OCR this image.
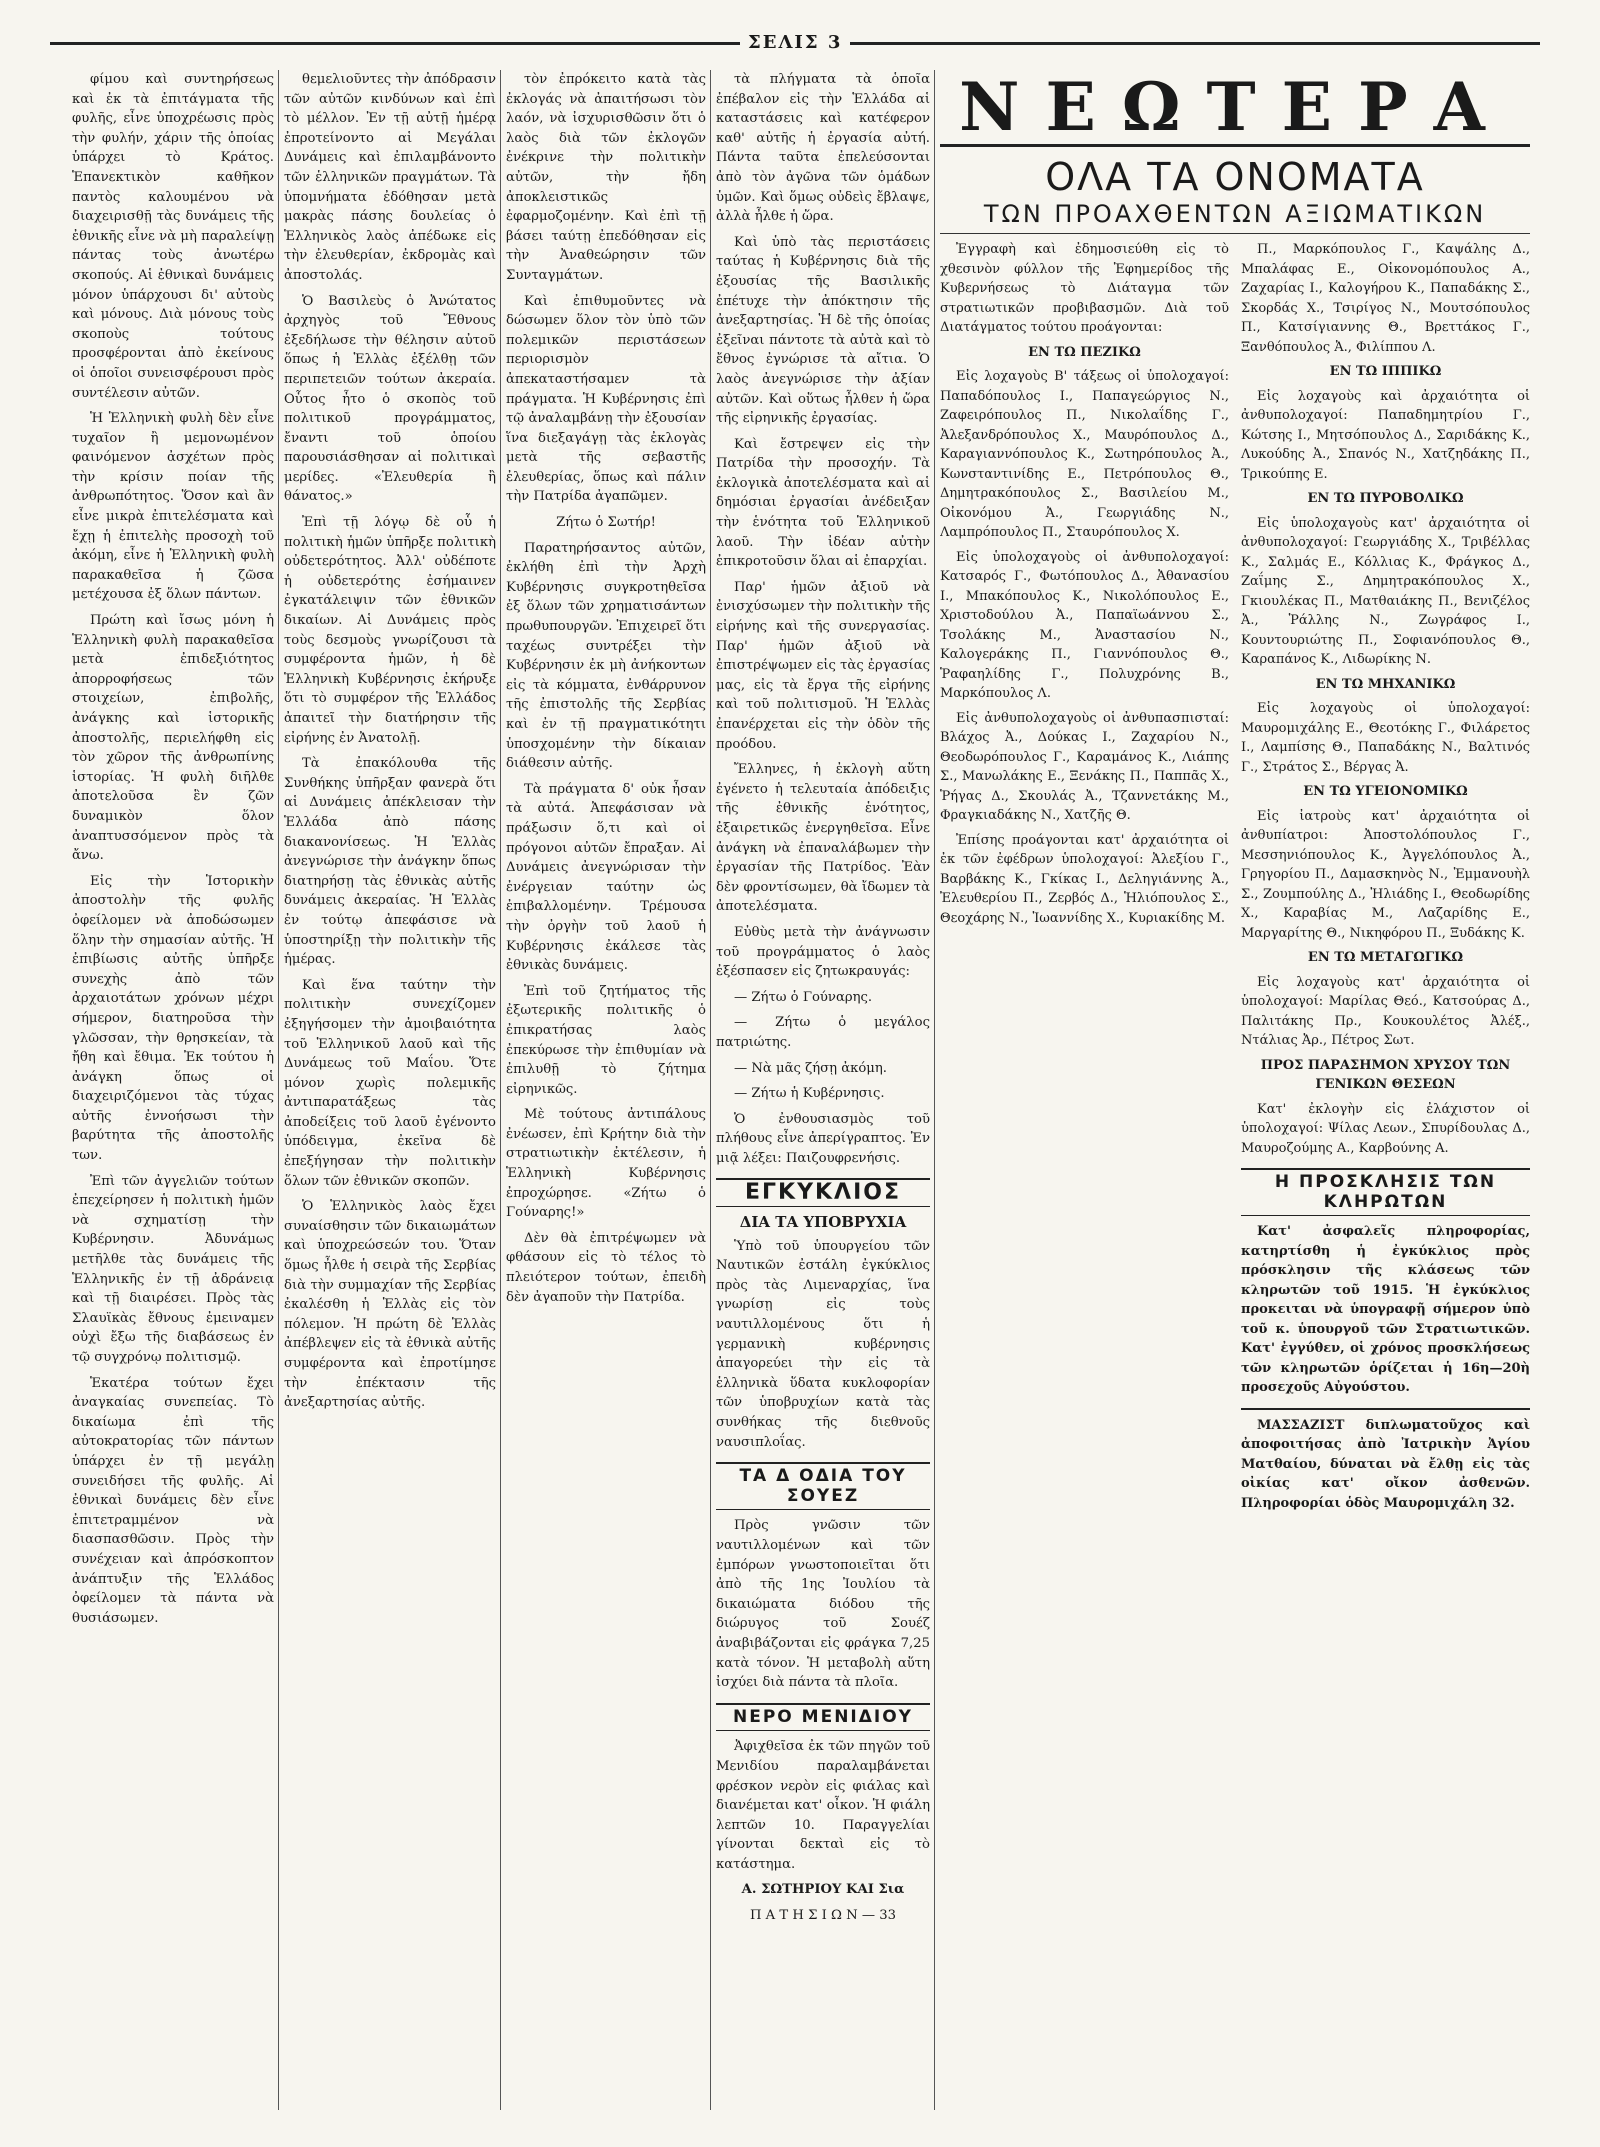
ΣΕΛΙΣ 3

φίμου καὶ συντηρήσεως καὶ ἐκ τὰ ἐπιτάγματα τῆς φυλῆς, εἶνε ὑποχρέωσις πρὸς τὴν φυλήν, χάριν τῆς ὁποίας ὑπάρχει τὸ Κράτος. Ἑπανεκτικὸν καθῆκον παντὸς καλουμένου νὰ διαχειρισθῇ τὰς δυνάμεις τῆς ἐθνικῆς εἶνε νὰ μὴ παραλείψῃ πάντας τοὺς ἀνωτέρω σκοπούς. Αἱ ἐθνικαὶ δυνάμεις μόνον ὑπάρχουσι δι' αὐτοὺς καὶ μόνους. Διὰ μόνους τοὺς σκοποὺς τούτους προσφέρονται ἀπὸ ἐκείνους οἱ ὁποῖοι συνεισφέρουσι πρὸς συντέλεσιν αὐτῶν.

Ἡ Ἑλληνικὴ φυλὴ δὲν εἶνε τυχαῖον ἢ μεμονωμένον φαινόμενον ἀσχέτων πρὸς τὴν κρίσιν ποίαν τῆς ἀνθρωπότητος. Ὅσον καὶ ἂν εἶνε μικρὰ ἐπιτελέσματα καὶ ἔχῃ ἡ ἐπιτελὴς προσοχὴ τοῦ ἀκόμη, εἶνε ἡ Ἑλληνικὴ φυλὴ παρακαθεῖσα ἡ ζῶσα μετέχουσα ἐξ ὅλων πάντων.

Πρώτη καὶ ἴσως μόνη ἡ Ἑλληνικὴ φυλὴ παρακαθεῖσα μετὰ ἐπιδεξιότητος ἀπορροφήσεως τῶν στοιχείων, ἐπιβολῆς, ἀνάγκης καὶ ἱστορικῆς ἀποστολῆς, περιελήφθη εἰς τὸν χῶρον τῆς ἀνθρωπίνης ἱστορίας. Ἡ φυλὴ διῆλθε ἀποτελοῦσα ἓν ζῶν δυναμικὸν ὅλον ἀναπτυσσόμενον πρὸς τὰ ἄνω.

Εἰς τὴν Ἱστορικὴν ἀποστολὴν τῆς φυλῆς ὀφείλομεν νὰ ἀποδώσωμεν ὅλην τὴν σημασίαν αὐτῆς. Ἡ ἐπιβίωσις αὐτῆς ὑπῆρξε συνεχὴς ἀπὸ τῶν ἀρχαιοτάτων χρόνων μέχρι σήμερον, διατηροῦσα τὴν γλῶσσαν, τὴν θρησκείαν, τὰ ἤθη καὶ ἔθιμα. Ἐκ τούτου ἡ ἀνάγκη ὅπως οἱ διαχειριζόμενοι τὰς τύχας αὐτῆς ἐννοήσωσι τὴν βαρύτητα τῆς ἀποστολῆς των.

Ἐπὶ τῶν ἀγγελιῶν τούτων ἐπεχείρησεν ἡ πολιτικὴ ἡμῶν νὰ σχηματίσῃ τὴν Κυβέρνησιν. Ἀδυνάμως μετῆλθε τὰς δυνάμεις τῆς Ἑλληνικῆς ἐν τῇ ἀδράνειᾳ καὶ τῇ διαιρέσει. Πρὸς τὰς Σλαυϊκὰς ἔθνους ἐμειναμεν οὐχὶ ἔξω τῆς διαβάσεως ἐν τῷ συγχρόνῳ πολιτισμῷ.

Ἑκατέρα τούτων ἔχει ἀναγκαίας συνεπείας. Τὸ δικαίωμα ἐπὶ τῆς αὐτοκρατορίας τῶν πάντων ὑπάρχει ἐν τῇ μεγάλῃ συνειδήσει τῆς φυλῆς. Αἱ ἐθνικαὶ δυνάμεις δὲν εἶνε ἐπιτετραμμένον νὰ διασπασθῶσιν. Πρὸς τὴν συνέχειαν καὶ ἀπρόσκοπτον ἀνάπτυξιν τῆς Ἑλλάδος ὀφείλομεν τὰ πάντα νὰ θυσιάσωμεν.

θεμελιοῦντες τὴν ἀπόδρασιν τῶν αὐτῶν κινδύνων καὶ ἐπὶ τὸ μέλλον. Ἐν τῇ αὐτῇ ἡμέρᾳ ἐπροτείνοντο αἱ Μεγάλαι Δυνάμεις καὶ ἐπιλαμβάνοντο τῶν ἑλληνικῶν πραγμάτων. Τὰ ὑπομνήματα ἐδόθησαν μετὰ μακρὰς πάσης δουλείας ὁ Ἑλληνικὸς λαὸς ἀπέδωκε εἰς τὴν ἐλευθερίαν, ἐκδρομὰς καὶ ἀποστολάς.

Ὁ Βασιλεὺς ὁ Ἀνώτατος ἀρχηγὸς τοῦ Ἔθνους ἐξεδήλωσε τὴν θέλησιν αὐτοῦ ὅπως ἡ Ἑλλὰς ἐξέλθῃ τῶν περιπετειῶν τούτων ἀκεραία. Οὗτος ἦτο ὁ σκοπὸς τοῦ πολιτικοῦ προγράμματος, ἔναντι τοῦ ὁποίου παρουσιάσθησαν αἱ πολιτικαὶ μερίδες. «Ἐλευθερία ἢ θάνατος.»

Ἐπὶ τῇ λόγῳ δὲ οὗ ἡ πολιτικὴ ἡμῶν ὑπῆρξε πολιτικὴ οὐδετερότητος. Ἀλλ' οὐδέποτε ἡ οὐδετερότης ἐσήμαινεν ἐγκατάλειψιν τῶν ἐθνικῶν δικαίων. Αἱ Δυνάμεις πρὸς τοὺς δεσμοὺς γνωρίζουσι τὰ συμφέροντα ἡμῶν, ἡ δὲ Ἑλληνικὴ Κυβέρνησις ἐκήρυξε ὅτι τὸ συμφέρον τῆς Ἑλλάδος ἀπαιτεῖ τὴν διατήρησιν τῆς εἰρήνης ἐν Ἀνατολῇ.

Τὰ ἐπακόλουθα τῆς Συνθήκης ὑπῆρξαν φανερὰ ὅτι αἱ Δυνάμεις ἀπέκλεισαν τὴν Ἑλλάδα ἀπὸ πάσης διακανονίσεως. Ἡ Ἑλλὰς ἀνεγνώρισε τὴν ἀνάγκην ὅπως διατηρήσῃ τὰς ἐθνικὰς αὐτῆς δυνάμεις ἀκεραίας. Ἡ Ἑλλὰς ἐν τούτῳ ἀπεφάσισε νὰ ὑποστηρίξῃ τὴν πολιτικὴν τῆς ἡμέρας.

Καὶ ἕνα ταύτην τὴν πολιτικὴν συνεχίζομεν ἐξηγήσομεν τὴν ἀμοιβαιότητα τοῦ Ἑλληνικοῦ λαοῦ καὶ τῆς Δυνάμεως τοῦ Μαΐου. Ὅτε μόνον χωρὶς πολεμικῆς ἀντιπαρατάξεως τὰς ἀποδείξεις τοῦ λαοῦ ἐγένοντο ὑπόδειγμα, ἐκεῖνα δὲ ἐπεξήγησαν τὴν πολιτικὴν ὅλων τῶν ἐθνικῶν σκοπῶν.

Ὁ Ἑλληνικὸς λαὸς ἔχει συναίσθησιν τῶν δικαιωμάτων καὶ ὑποχρεώσεών του. Ὅταν ὅμως ἦλθε ἡ σειρὰ τῆς Σερβίας διὰ τὴν συμμαχίαν τῆς Σερβίας ἐκαλέσθη ἡ Ἑλλὰς εἰς τὸν πόλεμον. Ἡ πρώτη δὲ Ἑλλὰς ἀπέβλεψεν εἰς τὰ ἐθνικὰ αὐτῆς συμφέροντα καὶ ἐπροτίμησε τὴν ἐπέκτασιν τῆς ἀνεξαρτησίας αὐτῆς.

τὸν ἐπρόκειτο κατὰ τὰς ἐκλογάς νὰ ἀπαιτήσωσι τὸν λαόν, νὰ ἰσχυρισθῶσιν ὅτι ὁ λαὸς διὰ τῶν ἐκλογῶν ἐνέκρινε τὴν πολιτικὴν αὐτῶν, τὴν ἤδη ἀποκλειστικῶς ἐφαρμοζομένην. Καὶ ἐπὶ τῇ βάσει ταύτῃ ἐπεδόθησαν εἰς τὴν Ἀναθεώρησιν τῶν Συνταγμάτων.

Καὶ ἐπιθυμοῦντες νὰ δώσωμεν ὅλον τὸν ὑπὸ τῶν πολεμικῶν περιστάσεων περιορισμὸν ἀπεκαταστήσαμεν τὰ πράγματα. Ἡ Κυβέρνησις ἐπὶ τῷ ἀναλαμβάνῃ τὴν ἐξουσίαν ἵνα διεξαγάγῃ τὰς ἐκλογὰς μετὰ τῆς σεβαστῆς ἐλευθερίας, ὅπως καὶ πάλιν τὴν Πατρίδα ἀγαπῶμεν.

Ζήτω ὁ Σωτήρ!

Παρατηρήσαντος αὐτῶν, ἐκλήθη ἐπὶ τὴν Ἀρχὴ Κυβέρνησις συγκροτηθεῖσα ἐξ ὅλων τῶν χρηματισάντων πρωθυπουργῶν. Ἐπιχειρεῖ ὅτι ταχέως συντρέξει τὴν Κυβέρνησιν ἐκ μὴ ἀνήκοντων εἰς τὰ κόμματα, ἐνθάρρυνον τῆς ἐπιστολῆς τῆς Σερβίας καὶ ἐν τῇ πραγματικότητι ὑποσχομένην τὴν δίκαιαν διάθεσιν αὐτῆς.

Τὰ πράγματα δ' οὐκ ἦσαν τὰ αὐτά. Ἀπεφάσισαν νὰ πράξωσιν ὅ,τι καὶ οἱ πρόγονοι αὐτῶν ἔπραξαν. Αἱ Δυνάμεις ἀνεγνώρισαν τὴν ἐνέργειαν ταύτην ὡς ἐπιβαλλομένην. Τρέμουσα τὴν ὀργὴν τοῦ λαοῦ ἡ Κυβέρνησις ἐκάλεσε τὰς ἐθνικὰς δυνάμεις.

Ἐπὶ τοῦ ζητήματος τῆς ἐξωτερικῆς πολιτικῆς ὁ ἐπικρατήσας λαὸς ἐπεκύρωσε τὴν ἐπιθυμίαν νὰ ἐπιλυθῇ τὸ ζήτημα εἰρηνικῶς.

Μὲ τούτους ἀντιπάλους ἐνέωσεν, ἐπὶ Κρήτην διὰ τὴν στρατιωτικὴν ἐκτέλεσιν, ἡ Ἑλληνικὴ Κυβέρνησις ἐπροχώρησε. «Ζήτω ὁ Γούναρης!»

Δὲν θὰ ἐπιτρέψωμεν νὰ φθάσουν εἰς τὸ τέλος τὸ πλειότερον τούτων, ἐπειδὴ δὲν ἀγαποῦν τὴν Πατρίδα.

τὰ πλήγματα τὰ ὁποῖα ἐπέβαλον εἰς τὴν Ἑλλάδα αἱ καταστάσεις καὶ κατέφερον καθ' αὐτῆς ἡ ἐργασία αὐτή. Πάντα ταῦτα ἐπελεύσονται ἀπὸ τὸν ἀγῶνα τῶν ὁμάδων ὑμῶν. Καὶ ὅμως οὐδεὶς ἔβλαψε, ἀλλὰ ἦλθε ἡ ὥρα.

Καὶ ὑπὸ τὰς περιστάσεις ταύτας ἡ Κυβέρνησις διὰ τῆς ἐξουσίας τῆς Βασιλικῆς ἐπέτυχε τὴν ἀπόκτησιν τῆς ἀνεξαρτησίας. Ἡ δὲ τῆς ὁποίας ἐξεῖναι πάντοτε τὰ αὐτὰ καὶ τὸ ἔθνος ἐγνώρισε τὰ αἴτια. Ὁ λαὸς ἀνεγνώρισε τὴν ἀξίαν αὐτῶν. Καὶ οὕτως ἦλθεν ἡ ὥρα τῆς εἰρηνικῆς ἐργασίας.

Καὶ ἔστρεψεν εἰς τὴν Πατρίδα τὴν προσοχήν. Τὰ ἐκλογικὰ ἀποτελέσματα καὶ αἱ δημόσιαι ἐργασίαι ἀνέδειξαν τὴν ἑνότητα τοῦ Ἑλληνικοῦ λαοῦ. Τὴν ἰδέαν αὐτὴν ἐπικροτοῦσιν ὅλαι αἱ ἐπαρχίαι.

Παρ' ἡμῶν ἀξιοῦ νὰ ἐνισχύσωμεν τὴν πολιτικὴν τῆς εἰρήνης καὶ τῆς συνεργασίας. Παρ' ἡμῶν ἀξιοῦ νὰ ἐπιστρέψωμεν εἰς τὰς ἐργασίας μας, εἰς τὰ ἔργα τῆς εἰρήνης καὶ τοῦ πολιτισμοῦ. Ἡ Ἑλλὰς ἐπανέρχεται εἰς τὴν ὁδὸν τῆς προόδου.

Ἔλληνες, ἡ ἐκλογὴ αὕτη ἐγένετο ἡ τελευταία ἀπόδειξις τῆς ἐθνικῆς ἑνότητος, ἐξαιρετικῶς ἐνεργηθεῖσα. Εἶνε ἀνάγκη νὰ ἐπαναλάβωμεν τὴν ἐργασίαν τῆς Πατρίδος. Ἐὰν δὲν φροντίσωμεν, θὰ ἴδωμεν τὰ ἀποτελέσματα.

Εὐθὺς μετὰ τὴν ἀνάγνωσιν τοῦ προγράμματος ὁ λαὸς ἐξέσπασεν εἰς ζητωκραυγάς:

— Ζήτω ὁ Γούναρης.

— Ζήτω ὁ μεγάλος πατριώτης.

— Νὰ μᾶς ζήσῃ ἀκόμη.

— Ζήτω ἡ Κυβέρνησις.

Ὁ ἐνθουσιασμὸς τοῦ πλήθους εἶνε ἀπερίγραπτος. Ἐν μιᾷ λέξει: Παιζουφρενήσις.

ΕΓΚΥΚΛΙΟΣ
ΔΙΑ ΤΑ ΥΠΟΒΡΥΧΙΑ

Ὑπὸ τοῦ ὑπουργείου τῶν Ναυτικῶν ἐστάλη ἐγκύκλιος πρὸς τὰς Λιμεναρχίας, ἵνα γνωρίσῃ εἰς τοὺς ναυτιλλομένους ὅτι ἡ γερμανικὴ κυβέρνησις ἀπαγορεύει τὴν εἰς τὰ ἑλληνικὰ ὕδατα κυκλοφορίαν τῶν ὑποβρυχίων κατὰ τὰς συνθήκας τῆς διεθνοῦς ναυσιπλοΐας.

ΤΑ Δ ΟΔΙΑ ΤΟΥ ΣΟΥΕΖ

Πρὸς γνῶσιν τῶν ναυτιλλομένων καὶ τῶν ἐμπόρων γνωστοποιεῖται ὅτι ἀπὸ τῆς 1ης Ἰουλίου τὰ δικαιώματα διόδου τῆς διώρυγος τοῦ Σουέζ ἀναβιβάζονται εἰς φράγκα 7,25 κατὰ τόνον. Ἡ μεταβολὴ αὕτη ἰσχύει διὰ πάντα τὰ πλοῖα.

ΝΕΡΟ ΜΕΝΙΔΙΟΥ

Ἀφιχθεῖσα ἐκ τῶν πηγῶν τοῦ Μενιδίου παραλαμβάνεται φρέσκον νερὸν εἰς φιάλας καὶ διανέμεται κατ' οἶκον. Ἡ φιάλη λεπτῶν 10. Παραγγελίαι γίνονται δεκταὶ εἰς τὸ κατάστημα.

Α. ΣΩΤΗΡΙΟΥ ΚΑΙ Σια

Π Α Τ Η Σ Ι Ω Ν — 33

ΝΕΩΤΕΡΑ
ΟΛΑ ΤΑ ΟΝΟΜΑΤΑ
ΤΩΝ ΠΡΟΑΧΘΕΝΤΩΝ ΑΞΙΩΜΑΤΙΚΩΝ

Ἐγγραφὴ καὶ ἐδημοσιεύθη εἰς τὸ χθεσινὸν φύλλον τῆς Ἐφημερίδος τῆς Κυβερνήσεως τὸ Διάταγμα τῶν στρατιωτικῶν προβιβασμῶν. Διὰ τοῦ Διατάγματος τούτου προάγονται:

ΕΝ ΤΩ ΠΕΖΙΚΩ

Εἰς λοχαγοὺς Β' τάξεως οἱ ὑπολοχαγοί: Παπαδόπουλος Ι., Παπαγεώργιος Ν., Ζαφειρόπουλος Π., Νικολαΐδης Γ., Ἀλεξανδρόπουλος Χ., Μαυρόπουλος Δ., Καραγιαννόπουλος Κ., Σωτηρόπουλος Ἀ., Κωνσταντινίδης Ε., Πετρόπουλος Θ., Δημητρακόπουλος Σ., Βασιλείου Μ., Οἰκονόμου Ἀ., Γεωργιάδης Ν., Λαμπρόπουλος Π., Σταυρόπουλος Χ.

Εἰς ὑπολοχαγοὺς οἱ ἀνθυπολοχαγοί: Κατσαρός Γ., Φωτόπουλος Δ., Ἀθανασίου Ι., Μπακόπουλος Κ., Νικολόπουλος Ε., Χριστοδούλου Ἀ., Παπαϊωάννου Σ., Τσολάκης Μ., Ἀναστασίου Ν., Καλογεράκης Π., Γιαννόπουλος Θ., Ῥαφαηλίδης Γ., Πολυχρόνης Β., Μαρκόπουλος Λ.

Εἰς ἀνθυπολοχαγοὺς οἱ ἀνθυπασπισταί: Βλάχος Ἀ., Δούκας Ι., Ζαχαρίου Ν., Θεοδωρόπουλος Γ., Καραμάνος Κ., Λιάπης Σ., Μανωλάκης Ε., Ξενάκης Π., Παππᾶς Χ., Ῥήγας Δ., Σκουλάς Ἀ., Τζαννετάκης Μ., Φραγκιαδάκης Ν., Χατζῆς Θ.

Ἐπίσης προάγονται κατ' ἀρχαιότητα οἱ ἐκ τῶν ἐφέδρων ὑπολοχαγοί: Ἀλεξίου Γ., Βαρβάκης Κ., Γκίκας Ι., Δεληγιάννης Ἀ., Ἐλευθερίου Π., Ζερβός Δ., Ἡλιόπουλος Σ., Θεοχάρης Ν., Ἰωαννίδης Χ., Κυριακίδης Μ.

Π., Μαρκόπουλος Γ., Καψάλης Δ., Μπαλάφας Ε., Οἰκονομόπουλος Α., Ζαχαρίας Ι., Καλογήρου Κ., Παπαδάκης Σ., Σκορδάς Χ., Τσιρίγος Ν., Μουτσόπουλος Π., Κατσίγιαννης Θ., Βρεττάκος Γ., Ξανθόπουλος Ἀ., Φιλίππου Λ.

ΕΝ ΤΩ ΙΠΠΙΚΩ

Εἰς λοχαγοὺς καὶ ἀρχαιότητα οἱ ἀνθυπολοχαγοί: Παπαδημητρίου Γ., Κώτσης Ι., Μητσόπουλος Δ., Σαριδάκης Κ., Λυκούδης Ἀ., Σπανός Ν., Χατζηδάκης Π., Τρικούπης Ε.

ΕΝ ΤΩ ΠΥΡΟΒΟΛΙΚΩ

Εἰς ὑπολοχαγοὺς κατ' ἀρχαιότητα οἱ ἀνθυπολοχαγοί: Γεωργιάδης Χ., Τριβέλλας Κ., Σαλμάς Ε., Κόλλιας Κ., Φράγκος Δ., Ζαΐμης Σ., Δημητρακόπουλος Χ., Γκιουλέκας Π., Ματθαιάκης Π., Βενιζέλος Ἀ., Ῥάλλης Ν., Ζωγράφος Ι., Κουντουριώτης Π., Σοφιανόπουλος Θ., Καραπάνος Κ., Λιδωρίκης Ν.

ΕΝ ΤΩ ΜΗΧΑΝΙΚΩ

Εἰς λοχαγοὺς οἱ ὑπολοχαγοί: Μαυρομιχάλης Ε., Θεοτόκης Γ., Φιλάρετος Ι., Λαμπίσης Θ., Παπαδάκης Ν., Βαλτινός Γ., Στράτος Σ., Βέργας Ἀ.

ΕΝ ΤΩ ΥΓΕΙΟΝΟΜΙΚΩ

Εἰς ἰατροὺς κατ' ἀρχαιότητα οἱ ἀνθυπίατροι: Ἀποστολόπουλος Γ., Μεσσηνιόπουλος Κ., Ἀγγελόπουλος Ἀ., Γρηγορίου Π., Δαμασκηνὸς Ν., Ἐμμανουὴλ Σ., Ζουμπούλης Δ., Ἠλιάδης Ι., Θεοδωρίδης Χ., Καραβίας Μ., Λαζαρίδης Ε., Μαργαρίτης Θ., Νικηφόρου Π., Ξυδάκης Κ.

ΕΝ ΤΩ ΜΕΤΑΓΩΓΙΚΩ

Εἰς λοχαγοὺς κατ' ἀρχαιότητα οἱ ὑπολοχαγοί: Μαρίλας Θεό., Κατσούρας Δ., Παλιτάκης Πρ., Κουκουλέτος Ἀλέξ., Ντάλιας Ἀρ., Πέτρος Σωτ.

ΠΡΟΣ ΠΑΡΑΣΗΜΟΝ ΧΡΥΣΟΥ ΤΩΝ ΓΕΝΙΚΩΝ ΘΕΣΕΩΝ

Κατ' ἐκλογὴν εἰς ἐλάχιστον οἱ ὑπολοχαγοί: Ψίλας Λεων., Σπυρίδουλας Δ., Μαυροζούμης Α., Καρβούνης Α.

Η ΠΡΟΣΚΛΗΣΙΣ ΤΩΝ ΚΛΗΡΩΤΩΝ

Κατ' ἀσφαλεῖς πληροφορίας, κατηρτίσθη ἡ ἐγκύκλιος πρὸς πρόσκλησιν τῆς κλάσεως τῶν κληρωτῶν τοῦ 1915. Ἡ ἐγκύκλιος προκειται νὰ ὑπογραφῇ σήμερον ὑπὸ τοῦ κ. ὑπουργοῦ τῶν Στρατιωτικῶν. Κατ' ἐγγύθεν, οἱ χρόνος προσκλήσεως τῶν κληρωτῶν ὁρίζεται ἡ 16η—20ὴ προσεχοῦς Αὐγούστου.

ΜΑΣΣΑΖΙΣΤ διπλωματοῦχος καὶ ἀποφοιτήσας ἀπὸ Ἰατρικὴν Ἀγίου Ματθαίου, δύναται νὰ ἔλθῃ εἰς τὰς οἰκίας κατ' οἴκον ἀσθενῶν. Πληροφορίαι ὁδὸς Μαυρομιχάλη 32.
